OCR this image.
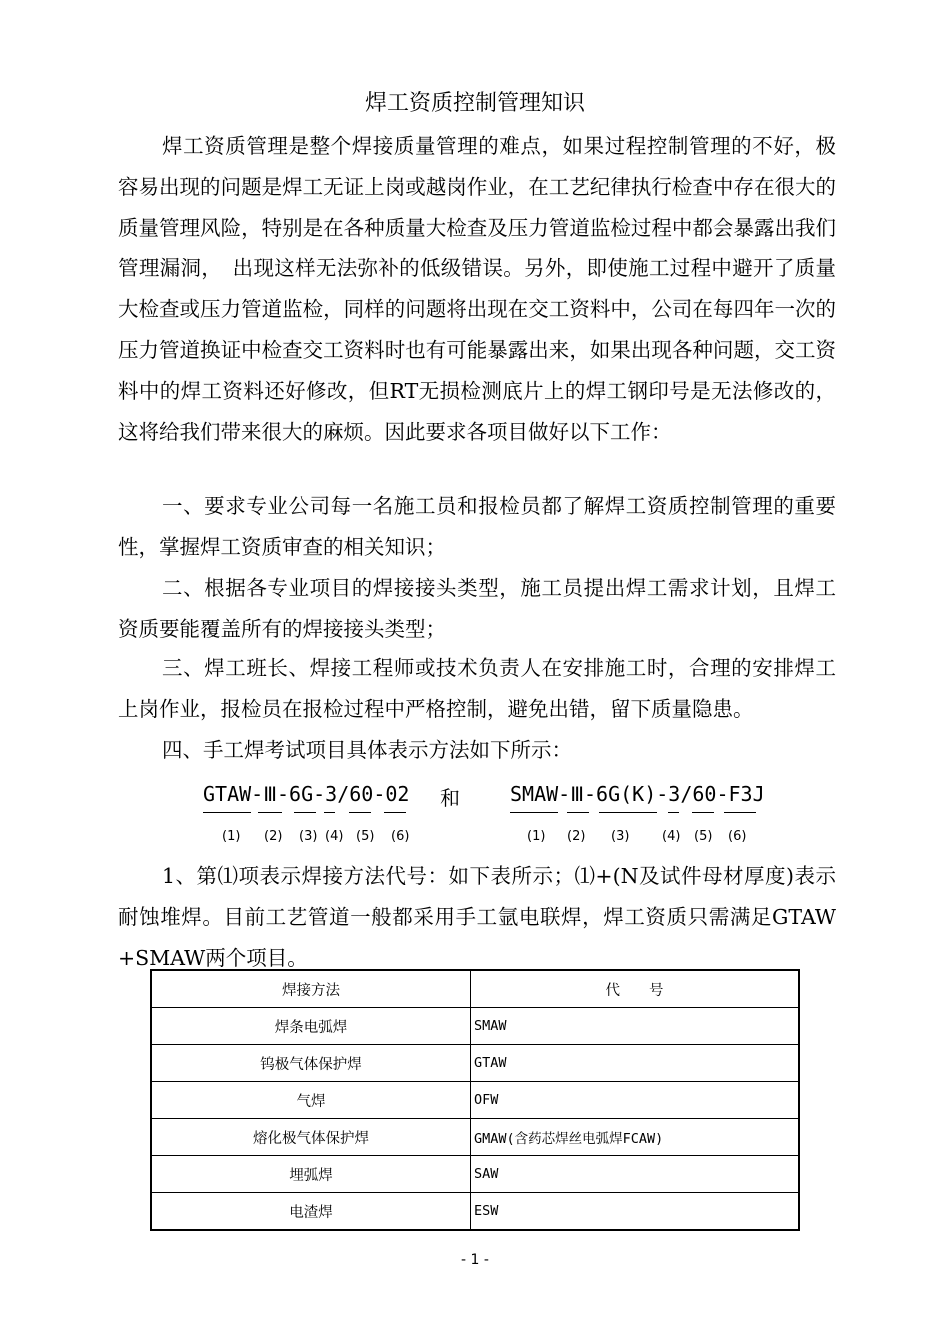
焊工资质控制管理知识

焊工资质管理是整个焊接质量管理的难点，如果过程控制管理的不好，极容易出现的问题是焊工无证上岗或越岗作业，在工艺纪律执行检查中存在很大的质量管理风险，特别是在各种质量大检查及压力管道监检过程中都会暴露出我们管理漏洞，　出现这样无法弥补的低级错误。另外，即使施工过程中避开了质量大检查或压力管道监检，同样的问题将出现在交工资料中，公司在每四年一次的压力管道换证中检查交工资料时也有可能暴露出来，如果出现各种问题，交工资料中的焊工资料还好修改，但RT无损检测底片上的焊工钢印号是无法修改的，这将给我们带来很大的麻烦。因此要求各项目做好以下工作：

一、要求专业公司每一名施工员和报检员都了解焊工资质控制管理的重要性，掌握焊工资质审查的相关知识；

二、根据各专业项目的焊接接头类型，施工员提出焊工需求计划，且焊工资质要能覆盖所有的焊接接头类型；

三、焊工班长、焊接工程师或技术负责人在安排施工时，合理的安排焊工上岗作业，报检员在报检过程中严格控制，避免出错，留下质量隐患。

四、手工焊考试项目具体表示方法如下所示：

GTAW-Ⅲ-6G-3/60-02 和	SMAW-Ⅲ-6G(K)-3/60-F3J
(1) (2) (3) (4) (5) (6)	(1) (2) (3)	(4) (5) (6)

1、第⑴项表示焊接方法代号：如下表所示；⑴+(N及试件母材厚度)表示耐蚀堆焊。目前工艺管道一般都采用手工氩电联焊，焊工资质只需满足GTAW +SMAW两个项目。

焊接方法	代　　号
焊条电弧焊	SMAW
钨极气体保护焊	GTAW
气焊	OFW
熔化极气体保护焊	GMAW(含药芯焊丝电弧焊FCAW)
埋弧焊	SAW
电渣焊	ESW
- 1 -
